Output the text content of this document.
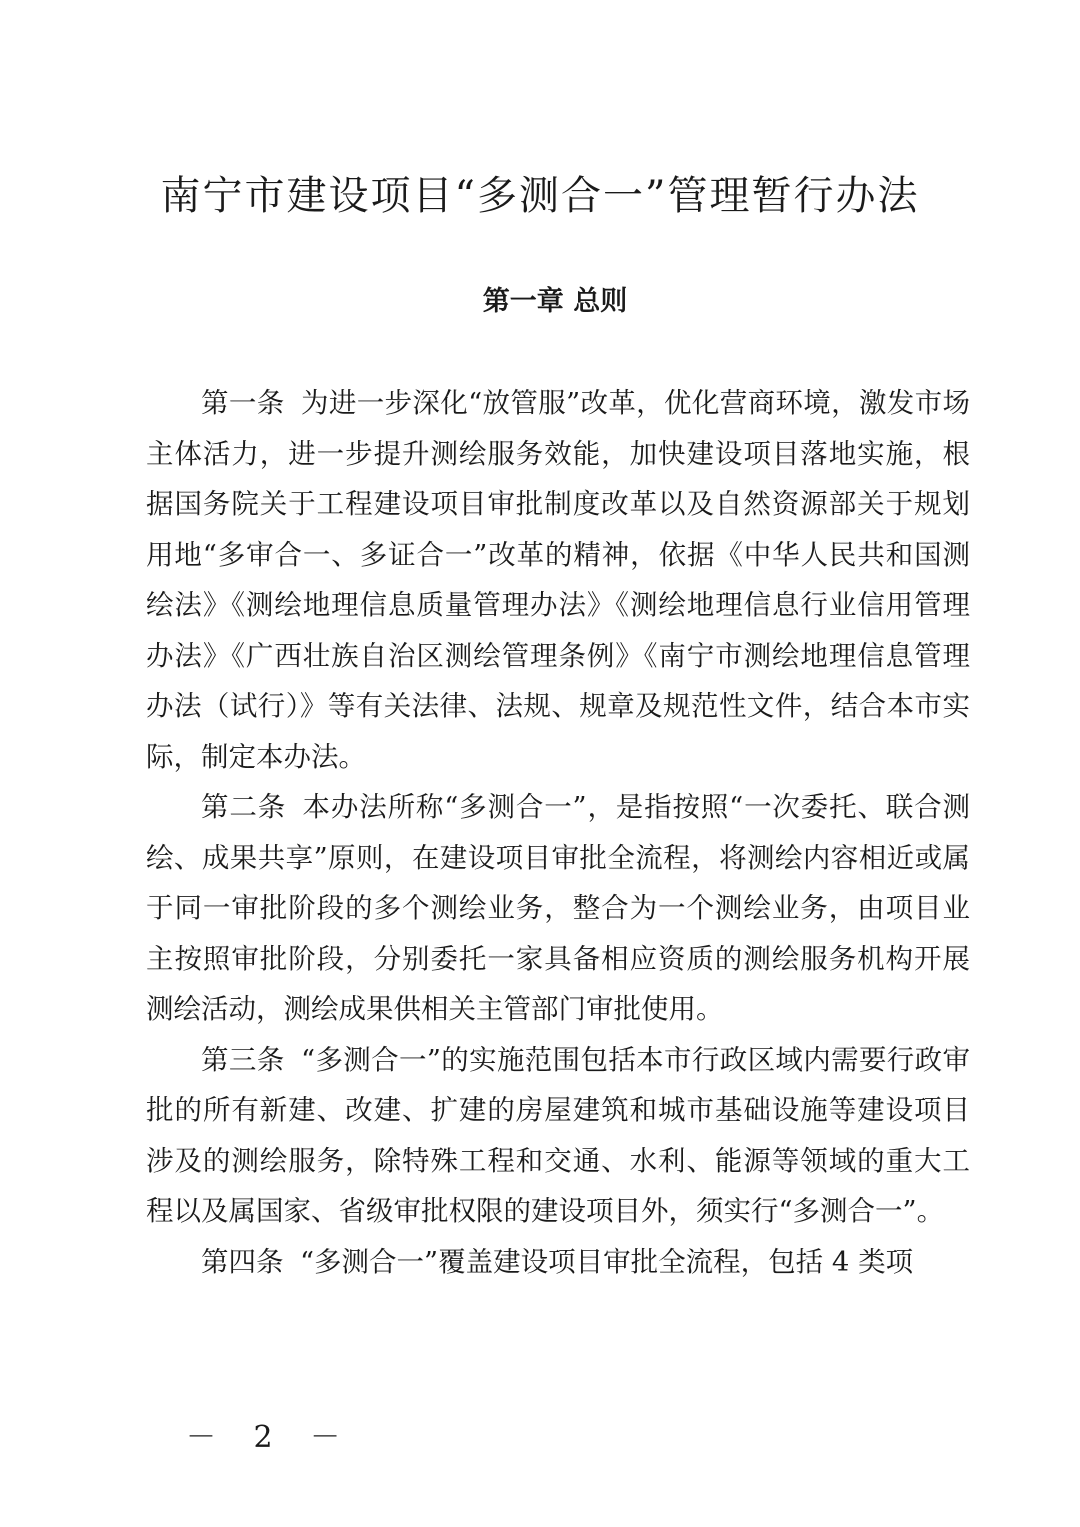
南宁市建设项目“多测合一”管理暂行办法
第一章 总则

第一条 为进一步深化“放管服”改革，优化营商环境，激发市场主体活力，进一步提升测绘服务效能，加快建设项目落地实施，根据国务院关于工程建设项目审批制度改革以及自然资源部关于规划用地“多审合一、多证合一”改革的精神，依据《中华人民共和国测绘法》《测绘地理信息质量管理办法》《测绘地理信息行业信用管理办法》《广西壮族自治区测绘管理条例》《南宁市测绘地理信息管理办法（试行）》等有关法律、法规、规章及规范性文件，结合本市实际，制定本办法。

第二条 本办法所称“多测合一”，是指按照“一次委托、联合测绘、成果共享”原则，在建设项目审批全流程，将测绘内容相近或属于同一审批阶段的多个测绘业务，整合为一个测绘业务，由项目业主按照审批阶段，分别委托一家具备相应资质的测绘服务机构开展测绘活动，测绘成果供相关主管部门审批使用。

第三条 “多测合一”的实施范围包括本市行政区域内需要行政审批的所有新建、改建、扩建的房屋建筑和城市基础设施等建设项目涉及的测绘服务，除特殊工程和交通、水利、能源等领域的重大工程以及属国家、省级审批权限的建设项目外，须实行“多测合一”。

第四条 “多测合一”覆盖建设项目审批全流程，包括 4 类项

－ 2 －
